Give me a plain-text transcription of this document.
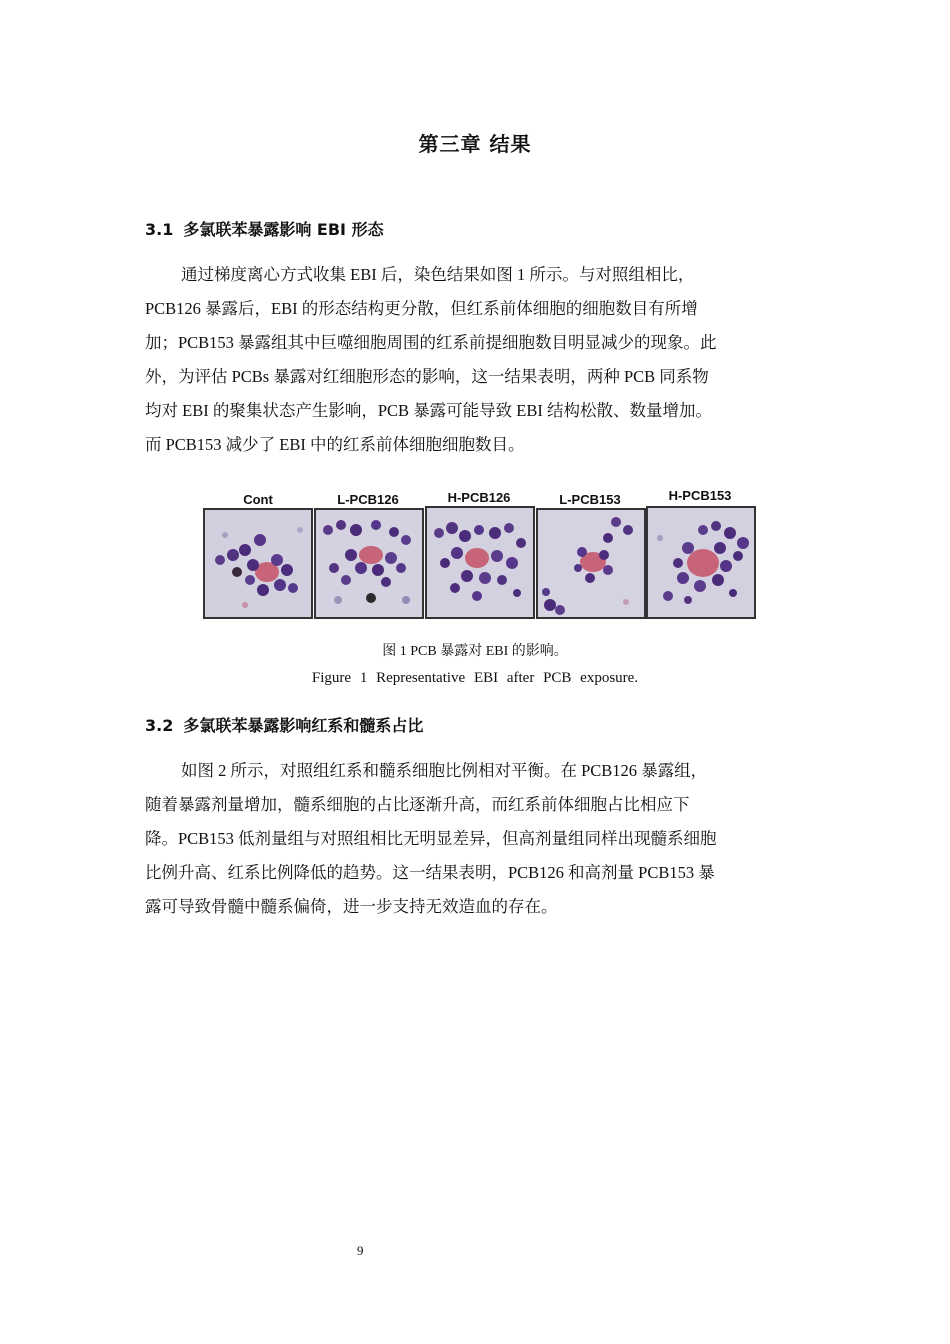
第三章 结果
3.1 多氯联苯暴露影响 EBI 形态
通过梯度离心方式收集 EBI 后，染色结果如图 1 所示。与对照组相比，
PCB126 暴露后，EBI 的形态结构更分散，但红系前体细胞的细胞数目有所增
加；PCB153 暴露组其中巨噬细胞周围的红系前提细胞数目明显减少的现象。此
外，为评估 PCBs 暴露对红细胞形态的影响，这一结果表明，两种 PCB 同系物
均对 EBI 的聚集状态产生影响，PCB 暴露可能导致 EBI 结构松散、数量增加。
而 PCB153 减少了 EBI 中的红系前体细胞细胞数目。
Cont	L-PCB126	H-PCB126	L-PCB153	H-PCB153
图 1 PCB 暴露对 EBI 的影响。
Figure 1 Representative EBI after PCB exposure.
3.2 多氯联苯暴露影响红系和髓系占比
如图 2 所示，对照组红系和髓系细胞比例相对平衡。在 PCB126 暴露组，
随着暴露剂量增加，髓系细胞的占比逐渐升高，而红系前体细胞占比相应下
降。PCB153 低剂量组与对照组相比无明显差异，但高剂量组同样出现髓系细胞
比例升高、红系比例降低的趋势。这一结果表明，PCB126 和高剂量 PCB153 暴
露可导致骨髓中髓系偏倚，进一步支持无效造血的存在。
9
